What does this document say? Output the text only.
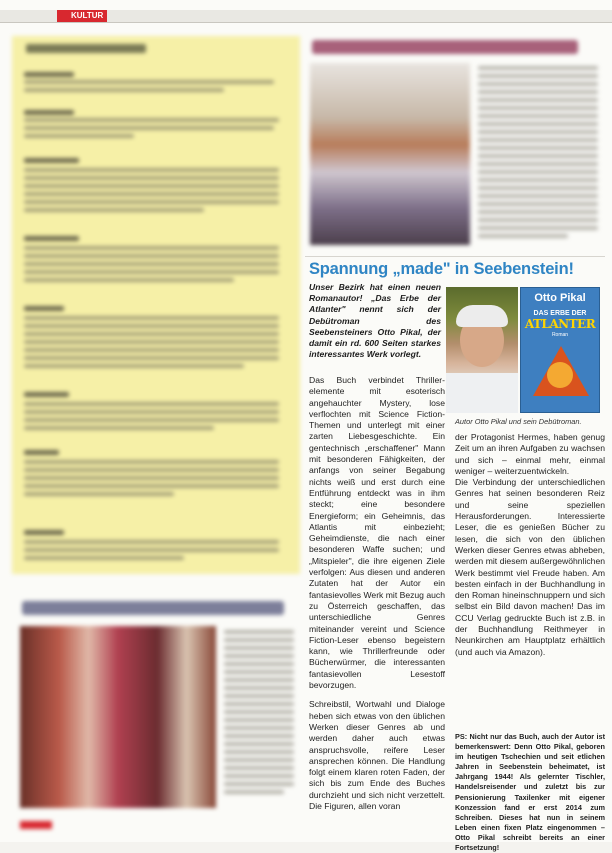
KULTUR
Spannung „made" in Seebenstein!
Unser Bezirk hat einen neuen Romanautor! „Das Erbe der Atlanter" nennt sich der Debütroman des Seebensteiners Otto Pikal, der damit ein rd. 600 Seiten starkes interessantes Werk vorlegt.
Otto Pikal
DAS ERBE DER
ATLANTER
Roman
Autor Otto Pikal und sein Debütroman.

Das Buch verbindet Thrillerelemente mit esoterisch angehauchter Mystery, lose verflochten mit Science Fiction-Themen und unterlegt mit einer zarten Liebesgeschichte. Ein gentechnisch „erschaffener" Mann mit besonderen Fähigkeiten, der anfangs von seiner Begabung nichts weiß und erst durch eine Entführung entdeckt was in ihm steckt; eine besondere Energieform; ein Geheimnis, das Atlantis mit einbezieht; Geheimdienste, die nach einer besonderen Waffe suchen; und „Mitspieler", die ihre eigenen Ziele verfolgen: Aus diesen und anderen Zutaten hat der Autor ein fantasievolles Werk mit Bezug auch zu Österreich geschaffen, das unterschiedliche Genres miteinander vereint und Science Fiction-Leser ebenso begeistern kann, wie Thrillerfreunde oder Bücherwürmer, die interessanten fantasievollen Lesestoff bevorzugen.

Schreibstil, Wortwahl und Dialoge heben sich etwas von den üblichen Werken dieser Genres ab und werden daher auch etwas anspruchsvolle, reifere Leser ansprechen können. Die Handlung folgt einem klaren roten Faden, der sich bis zum Ende des Buches durchzieht und sich nicht verzettelt. Die Figuren, allen voran

der Protagonist Hermes, haben genug Zeit um an ihren Aufgaben zu wachsen und sich – einmal mehr, einmal weniger – weiterzuentwickeln.

Die Verbindung der unterschiedlichen Genres hat seinen besonderen Reiz und seine speziellen Herausforderungen. Interessierte Leser, die es genießen Bücher zu lesen, die sich von den üblichen Werken dieser Genres etwas abheben, werden mit diesem außergewöhnlichen Werk bestimmt viel Freude haben. Am besten einfach in der Buchhandlung in den Roman hineinschnuppern und sich selbst ein Bild davon machen! Das im CCU Verlag gedruckte Buch ist z.B. in der Buchhandlung Reithmeyer in Neunkirchen am Hauptplatz erhältlich (und auch via Amazon).

PS: Nicht nur das Buch, auch der Autor ist bemerkenswert: Denn Otto Pikal, geboren im heutigen Tschechien und seit etlichen Jahren in Seebenstein beheimatet, ist Jahrgang 1944! Als gelernter Tischler, Handelsreisender und zuletzt bis zur Pensionierung Taxilenker mit eigener Konzession fand er erst 2014 zum Schreiben. Dieses hat nun in seinem Leben einen fixen Platz eingenommen – Otto Pikal schreibt bereits an einer Fortsetzung!
